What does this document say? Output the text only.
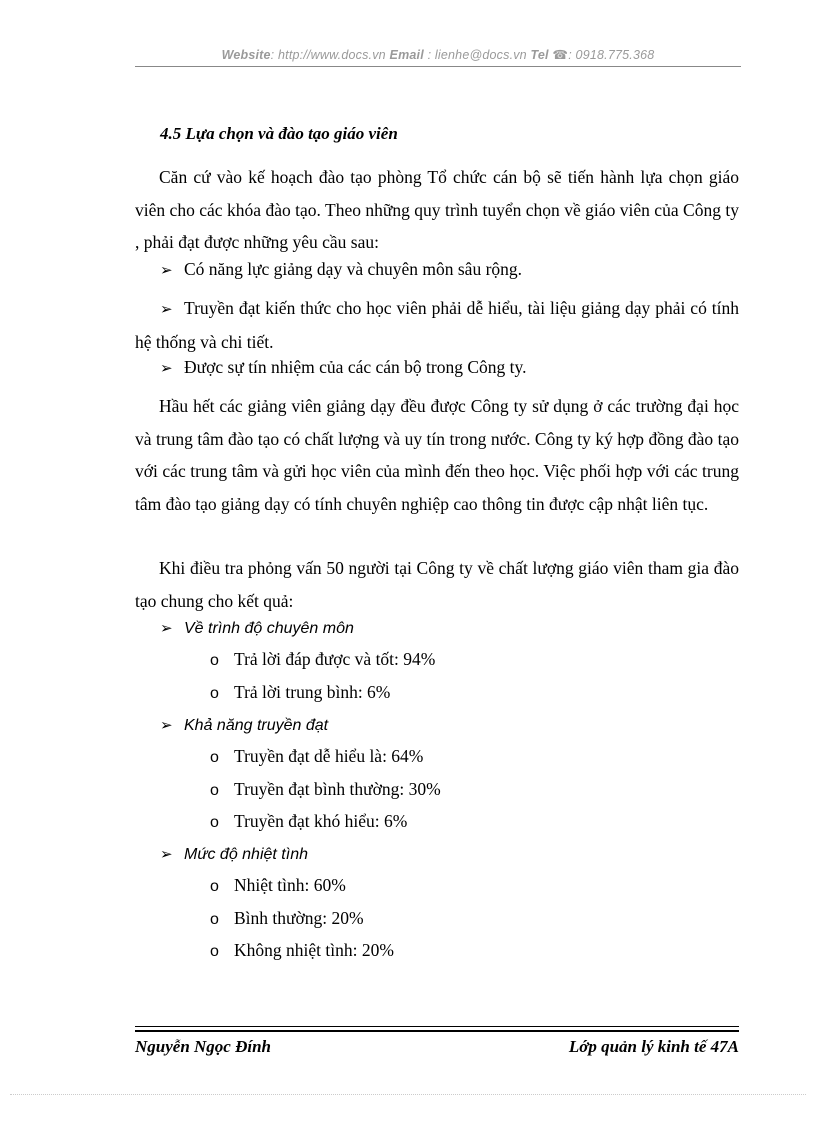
Website: http://www.docs.vn Email : lienhe@docs.vn Tel ☎: 0918.775.368
4.5 Lựa chọn và đào tạo giáo viên
Căn cứ vào kế hoạch đào tạo phòng Tổ chức cán bộ sẽ tiến hành lựa chọn giáo viên cho các khóa đào tạo. Theo những quy trình tuyển chọn về giáo viên của Công ty , phải đạt được những yêu cầu sau:
➢ Có năng lực giảng dạy và chuyên môn sâu rộng.
➢ Truyền đạt kiến thức cho học viên phải dễ hiểu, tài liệu giảng dạy phải có tính hệ thống và chi tiết.
➢ Được sự tín nhiệm của các cán bộ trong Công ty.
Hầu hết các giảng viên giảng dạy đều được Công ty sử dụng ở các trường đại học và trung tâm đào tạo có chất lượng và uy tín trong nước. Công ty ký hợp đồng đào tạo với các trung tâm và gửi học viên của mình đến theo học. Việc phối hợp với các trung tâm đào tạo giảng dạy có tính chuyên nghiệp cao thông tin được cập nhật liên tục.
Khi điều tra phỏng vấn 50 người tại Công ty về chất lượng giáo viên tham gia đào tạo chung cho kết quả:
➢ Về trình độ chuyên môn
o Trả lời đáp được và tốt: 94%
o Trả lời trung bình: 6%
➢ Khả năng truyền đạt
o Truyền đạt dễ hiểu là: 64%
o Truyền đạt bình thường: 30%
o Truyền đạt khó hiểu: 6%
➢ Mức độ nhiệt tình
o Nhiệt tình: 60%
o Bình thường: 20%
o Không nhiệt tình: 20%
Nguyễn Ngọc Đính	Lớp quản lý kinh tế 47A
